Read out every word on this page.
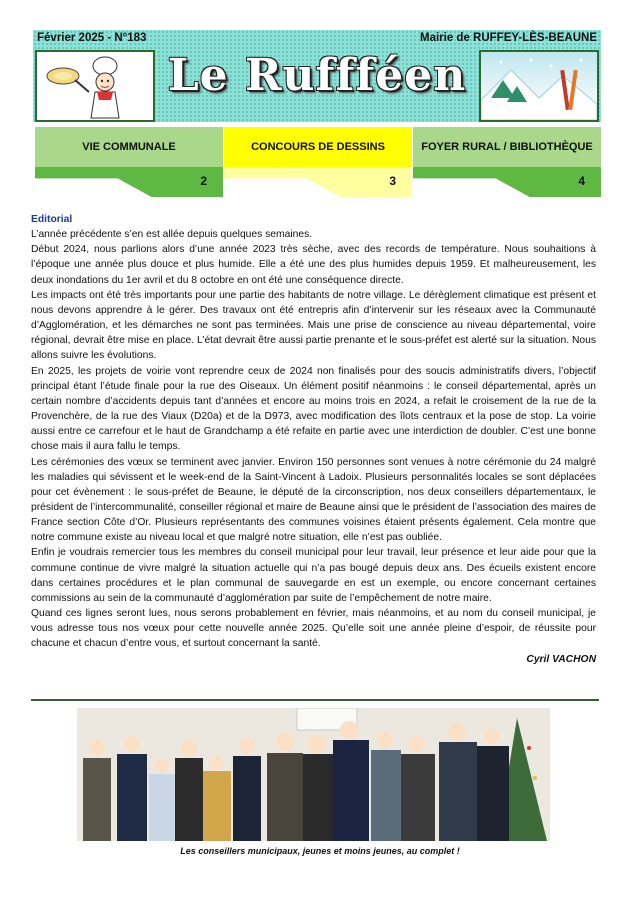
Février 2025 - N°183	Mairie de RUFFEY-LÈS-BEAUNE
Le Ruffféen
VIE COMMUNALE
2
CONCOURS DE DESSINS
3
FOYER RURAL / BIBLIOTHÈQUE
4

Editorial

L’année précédente s’en est allée depuis quelques semaines.

Début 2024, nous parlions alors d’une année 2023 très sèche, avec des records de température. Nous souhaitions à l’époque une année plus douce et plus humide. Elle a été une des plus humides depuis 1959. Et malheureusement, les deux inondations du 1er avril et du 8 octobre en ont été une conséquence directe.

Les impacts ont été très importants pour une partie des habitants de notre village. Le dérèglement climatique est présent et nous devons apprendre à le gérer. Des travaux ont été entrepris afin d’intervenir sur les réseaux avec la Communauté d’Agglomération, et les démarches ne sont pas terminées. Mais une prise de conscience au niveau départemental, voire régional, devrait être mise en place. L’état devrait être aussi partie prenante et le sous-préfet est alerté sur la situation. Nous allons suivre les évolutions.

En 2025, les projets de voirie vont reprendre ceux de 2024 non finalisés pour des soucis administratifs divers, l’objectif principal étant l’étude finale pour la rue des Oiseaux. Un élément positif néanmoins : le conseil départemental, après un certain nombre d’accidents depuis tant d’années et encore au moins trois en 2024, a refait le croisement de la rue de la Provenchère, de la rue des Viaux (D20a) et de la D973, avec modification des îlots centraux et la pose de stop. La voirie aussi entre ce carrefour et le haut de Grandchamp a été refaite en partie avec une interdiction de doubler. C’est une bonne chose mais il aura fallu le temps.

Les cérémonies des vœux se terminent avec janvier. Environ 150 personnes sont venues à notre cérémonie du 24 malgré les maladies qui sévissent et le week-end de la Saint-Vincent à Ladoix. Plusieurs personnalités locales se sont déplacées pour cet évènement : le sous-préfet de Beaune, le député de la circonscription, nos deux conseillers départementaux, le président de l’intercommunalité, conseiller régional et maire de Beaune ainsi que le président de l’association des maires de France section Côte d’Or. Plusieurs représentants des communes voisines étaient présents également. Cela montre que notre commune existe au niveau local et que malgré notre situation, elle n’est pas oubliée.

Enfin je voudrais remercier tous les membres du conseil municipal pour leur travail, leur présence et leur aide pour que la commune continue de vivre malgré la situation actuelle qui n’a pas bougé depuis deux ans. Des écueils existent encore dans certaines procédures et le plan communal de sauvegarde en est un exemple, ou encore concernant certaines commissions au sein de la communauté d’agglomération par suite de l’empêchement de notre maire.

Quand ces lignes seront lues, nous serons probablement en février, mais néanmoins, et au nom du conseil municipal, je vous adresse tous nos vœux pour cette nouvelle année 2025. Qu’elle soit une année pleine d’espoir, de réussite pour chacune et chacun d’entre vous, et surtout concernant la santé.

Cyril VACHON

Les conseillers municipaux, jeunes et moins jeunes, au complet !
